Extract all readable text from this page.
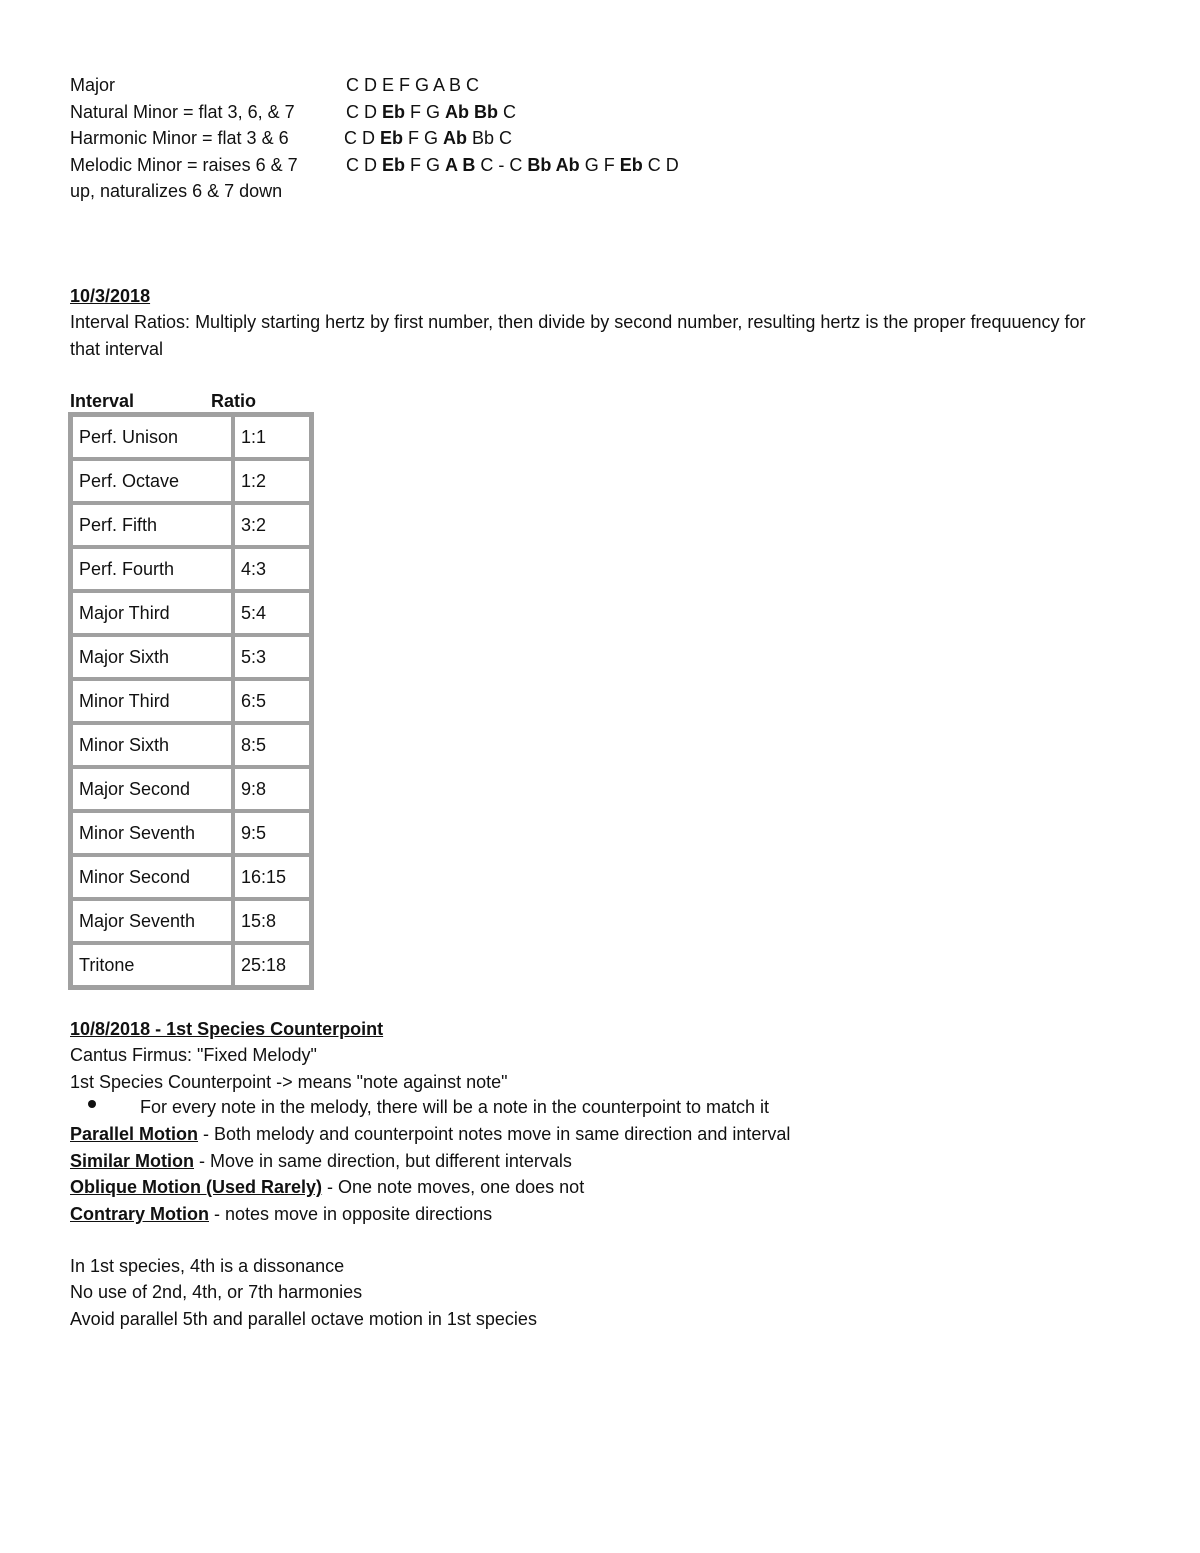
Major	C D E F G A B C
Natural Minor = flat 3, 6, & 7	C D Eb F G Ab Bb C
Harmonic Minor = flat 3 & 6	C D Eb F G Ab Bb C
Melodic Minor = raises 6 & 7	C D Eb F G A B C - C Bb Ab G F Eb C D
up, naturalizes 6 & 7 down
10/3/2018
Interval Ratios: Multiply starting hertz by first number, then divide by second number, resulting hertz is the proper frequuency for that interval
Interval	Ratio
Perf. Unison	1:1
Perf. Octave	1:2
Perf. Fifth	3:2
Perf. Fourth	4:3
Major Third	5:4
Major Sixth	5:3
Minor Third	6:5
Minor Sixth	8:5
Major Second	9:8
Minor Seventh	9:5
Minor Second	16:15
Major Seventh	15:8
Tritone	25:18
10/8/2018 - 1st Species Counterpoint
Cantus Firmus: "Fixed Melody"
1st Species Counterpoint -> means "note against note"
For every note in the melody, there will be a note in the counterpoint to match it
Parallel Motion - Both melody and counterpoint notes move in same direction and interval
Similar Motion - Move in same direction, but different intervals
Oblique Motion (Used Rarely) - One note moves, one does not
Contrary Motion - notes move in opposite directions
In 1st species, 4th is a dissonance
No use of 2nd, 4th, or 7th harmonies
Avoid parallel 5th and parallel octave motion in 1st species
